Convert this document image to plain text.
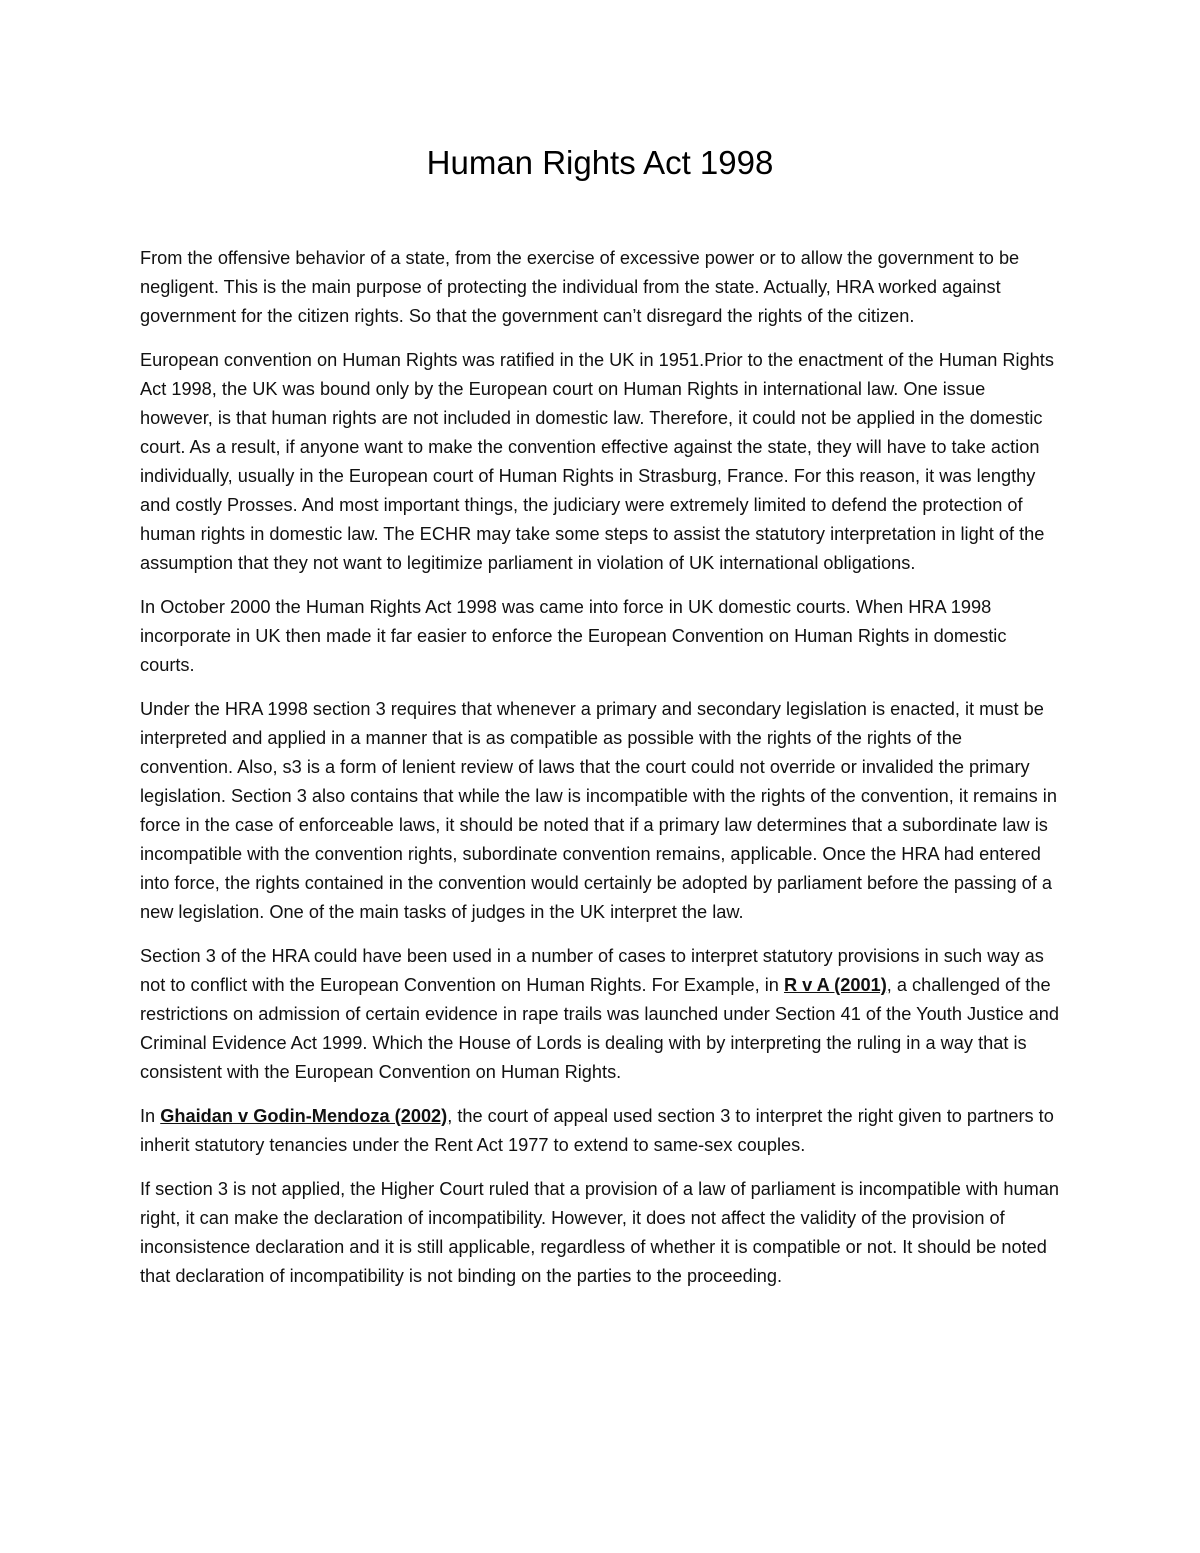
Human Rights Act 1998

From the offensive behavior of a state, from the exercise of excessive power or to allow the government to be negligent. This is the main purpose of protecting the individual from the state. Actually, HRA worked against government for the citizen rights. So that the government can’t disregard the rights of the citizen.

European convention on Human Rights was ratified in the UK in 1951.Prior to the enactment of the Human Rights Act 1998, the UK was bound only by the European court on Human Rights in international law. One issue however, is that human rights are not included in domestic law. Therefore, it could not be applied in the domestic court. As a result, if anyone want to make the convention effective against the state, they will have to take action individually, usually in the European court of Human Rights in Strasburg, France. For this reason, it was lengthy and costly Prosses. And most important things, the judiciary were extremely limited to defend the protection of human rights in domestic law. The ECHR may take some steps to assist the statutory interpretation in light of the assumption that they not want to legitimize parliament in violation of UK international obligations.

In October 2000 the Human Rights Act 1998 was came into force in UK domestic courts. When HRA 1998 incorporate in UK then made it far easier to enforce the European Convention on Human Rights in domestic courts.

Under the HRA 1998 section 3 requires that whenever a primary and secondary legislation is enacted, it must be interpreted and applied in a manner that is as compatible as possible with the rights of the rights of the convention. Also, s3 is a form of lenient review of laws that the court could not override or invalided the primary legislation. Section 3 also contains that while the law is incompatible with the rights of the convention, it remains in force in the case of enforceable laws, it should be noted that if a primary law determines that a subordinate law is incompatible with the convention rights, subordinate convention remains, applicable. Once the HRA had entered into force, the rights contained in the convention would certainly be adopted by parliament before the passing of a new legislation. One of the main tasks of judges in the UK interpret the law.

Section 3 of the HRA could have been used in a number of cases to interpret statutory provisions in such way as not to conflict with the European Convention on Human Rights. For Example, in R v A (2001), a challenged of the restrictions on admission of certain evidence in rape trails was launched under Section 41 of the Youth Justice and Criminal Evidence Act 1999. Which the House of Lords is dealing with by interpreting the ruling in a way that is consistent with the European Convention on Human Rights.

In Ghaidan v Godin-Mendoza (2002), the court of appeal used section 3 to interpret the right given to partners to inherit statutory tenancies under the Rent Act 1977 to extend to same-sex couples.

If section 3 is not applied, the Higher Court ruled that a provision of a law of parliament is incompatible with human right, it can make the declaration of incompatibility. However, it does not affect the validity of the provision of inconsistence declaration and it is still applicable, regardless of whether it is compatible or not. It should be noted that declaration of incompatibility is not binding on the parties to the proceeding.
